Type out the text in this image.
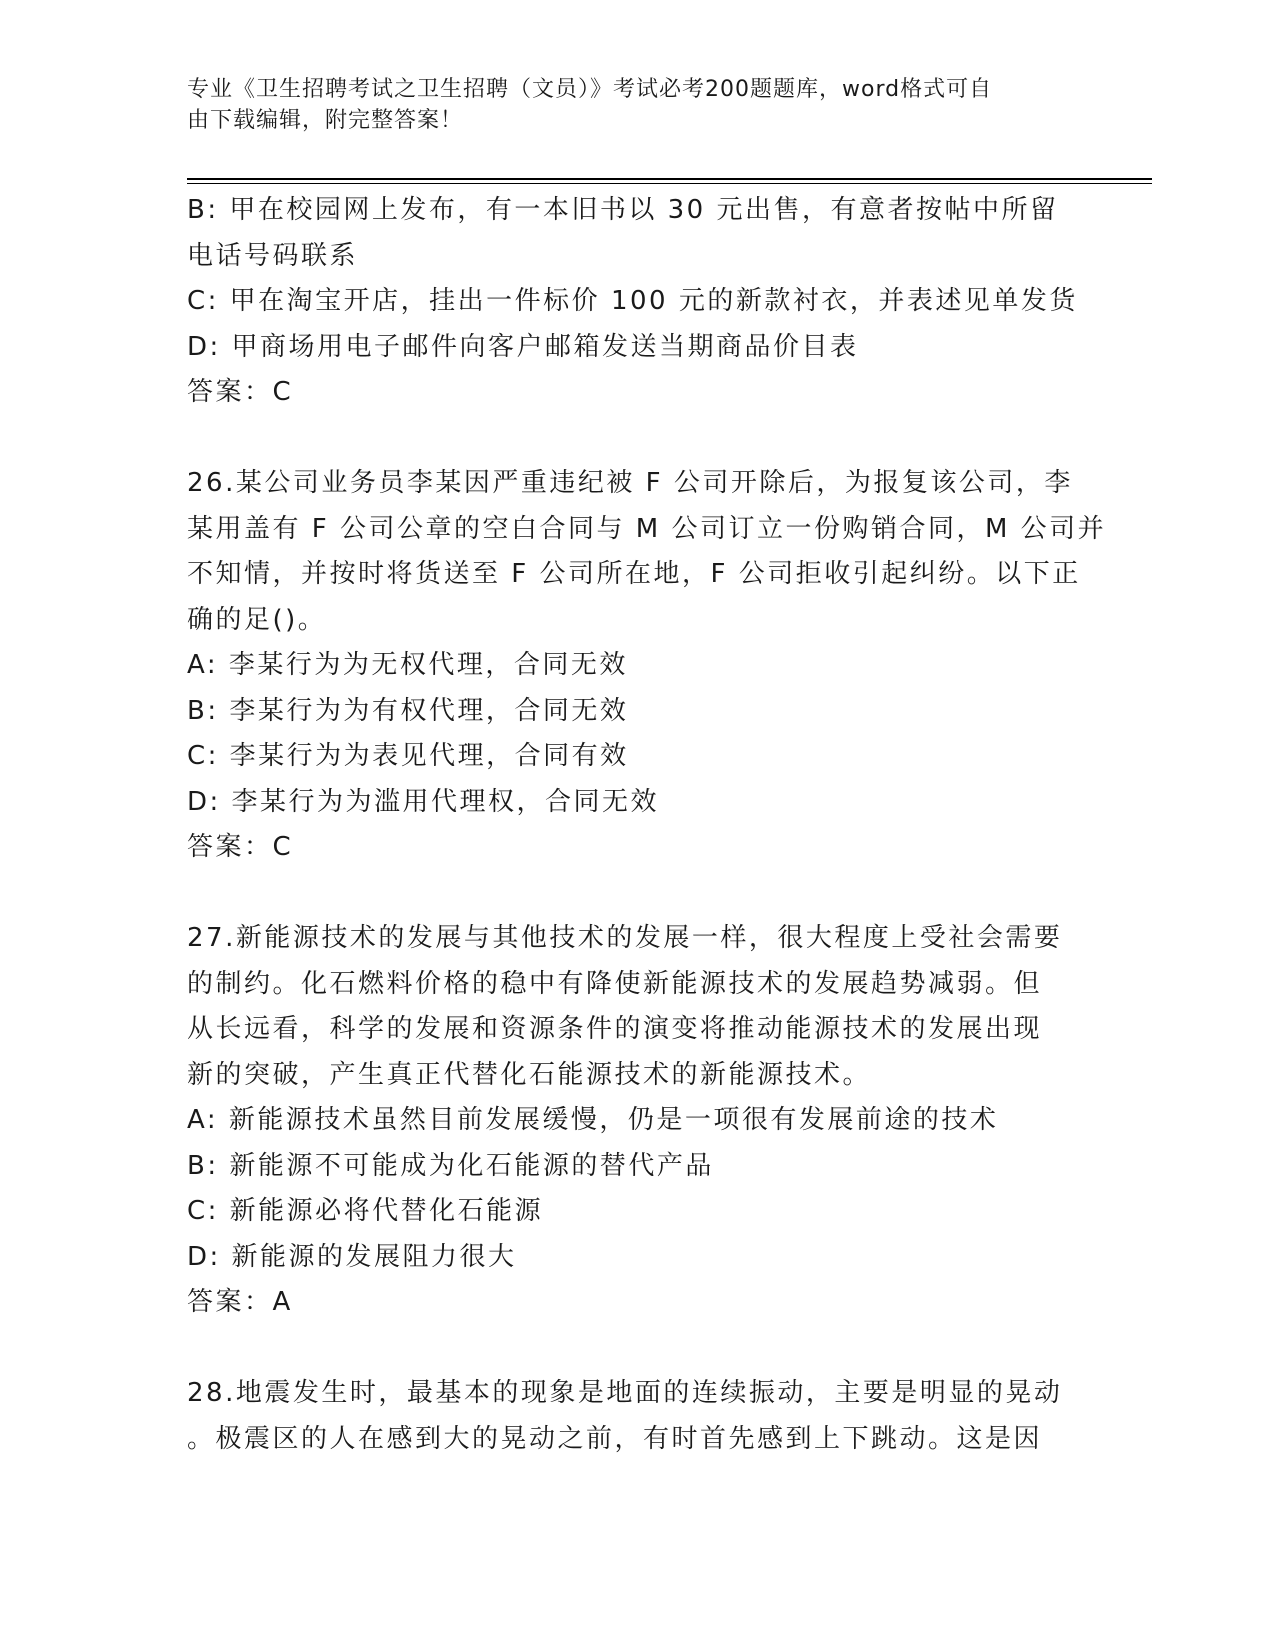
专业《卫生招聘考试之卫生招聘（文员）》考试必考200题题库，word格式可自
由下载编辑，附完整答案！
B: 甲在校园网上发布，有一本旧书以 30 元出售，有意者按帖中所留
电话号码联系
C: 甲在淘宝开店，挂出一件标价 100 元的新款衬衣，并表述见单发货
D: 甲商场用电子邮件向客户邮箱发送当期商品价目表
答案：C
26.某公司业务员李某因严重违纪被 F 公司开除后，为报复该公司，李
某用盖有 F 公司公章的空白合同与 M 公司订立一份购销合同，M 公司并
不知情，并按时将货送至 F 公司所在地，F 公司拒收引起纠纷。以下正
确的足()。
A: 李某行为为无权代理，合同无效
B: 李某行为为有权代理，合同无效
C: 李某行为为表见代理，合同有效
D: 李某行为为滥用代理权，合同无效
答案：C
27.新能源技术的发展与其他技术的发展一样，很大程度上受社会需要
的制约。化石燃料价格的稳中有降使新能源技术的发展趋势减弱。但
从长远看，科学的发展和资源条件的演变将推动能源技术的发展出现
新的突破，产生真正代替化石能源技术的新能源技术。
A: 新能源技术虽然目前发展缓慢，仍是一项很有发展前途的技术
B: 新能源不可能成为化石能源的替代产品
C: 新能源必将代替化石能源
D: 新能源的发展阻力很大
答案：A
28.地震发生时，最基本的现象是地面的连续振动，主要是明显的晃动
。极震区的人在感到大的晃动之前，有时首先感到上下跳动。这是因
